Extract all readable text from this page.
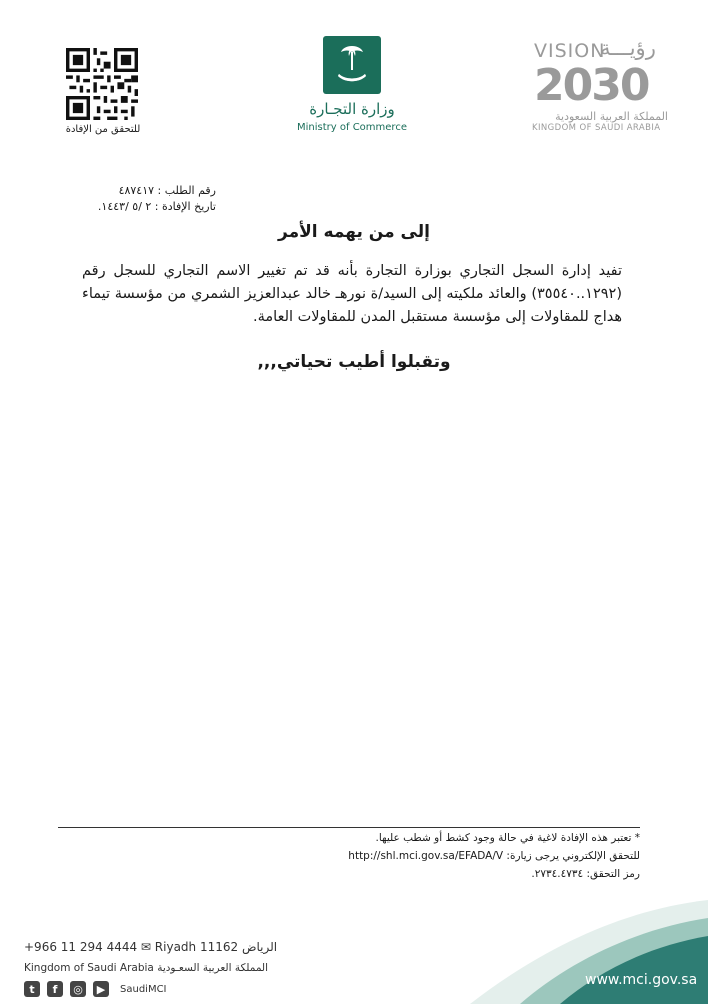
للتحقق من الإفادة
وزارة التجـارة
Ministry of Commerce
VISION
رؤيـــة
2030
المملكة العربية السعودية
KINGDOM OF SAUDI ARABIA
رقم الطلب : ٤٨٧٤١٧
تاريخ الإفادة : ٢ /٥ /١٤٤٣.
إلى من يهمه الأمر
تفيد إدارة السجل التجاري بوزارة التجارة بأنه قد تم تغيير الاسم التجاري للسجل رقم (١٢٩٢..٣٥٥٤٠) والعائد ملكيته إلى السيد/ة نورهـ خالد عبدالعزيز الشمري من مؤسسة تيماء هداج للمقاولات إلى مؤسسة مستقبل المدن للمقاولات العامة.
وتقبلوا أطيب تحياتي,,,
* تعتبر هذه الإفادة لاغية في حالة وجود كشط أو شطب عليها.
للتحقق الإلكتروني يرجى زيارة: http://shl.mci.gov.sa/EFADA/V
رمز التحقق: ٢٧٣٤.٤٧٣٤.
+966 11 294 4444 ✉ Riyadh 11162 الرياض
Kingdom of Saudi Arabia المملكة العربية السعـودية
t	f	◎	▶	SaudiMCI
www.mci.gov.sa
